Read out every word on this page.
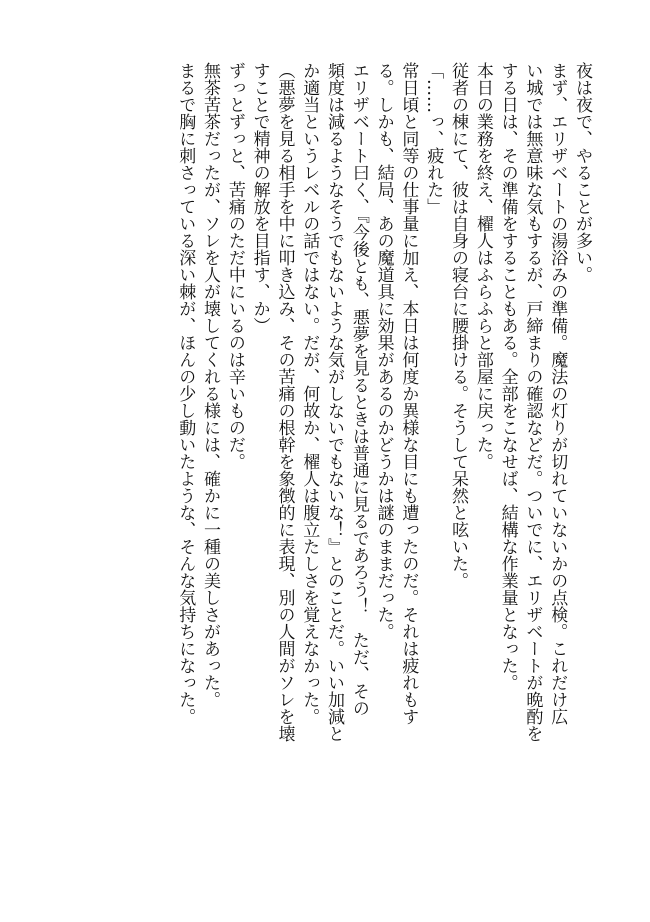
夜は夜で、やることが多い。

まず、エリザベートの湯浴みの準備。魔法の灯りが切れていないかの点検。これだけ広

い城では無意味な気もするが、戸締まりの確認などだ。ついでに、エリザベートが晩酌を

する日は、その準備をすることもある。全部をこなせば、結構な作業量となった。

本日の業務を終え、櫂人はふらふらと部屋に戻った。

従者の棟にて、彼は自身の寝台に腰掛ける。そうして呆然と呟いた。

「……っ、疲れた」

常日頃と同等の仕事量に加え、本日は何度か異様な目にも遭ったのだ。それは疲れもす

る。しかも、結局、あの魔道具に効果があるのかどうかは謎のままだった。

エリザベート曰く、『今後とも、悪夢を見るときは普通に見るであろう！　ただ、その

頻度は減るようなそうでもないような気がしないでもないな！』とのことだ。いい加減と

か適当というレベルの話ではない。だが、何故か、櫂人は腹立たしさを覚えなかった。

（悪夢を見る相手を中に叩き込み、その苦痛の根幹を象徴的に表現、別の人間がソレを壊

すことで精神の解放を目指す、か）

ずっとずっと、苦痛のただ中にいるのは辛いものだ。

無茶苦茶だったが、ソレを人が壊してくれる様には、確かに一種の美しさがあった。

まるで胸に刺さっている深い棘が、ほんの少し動いたような、そんな気持ちになった。
